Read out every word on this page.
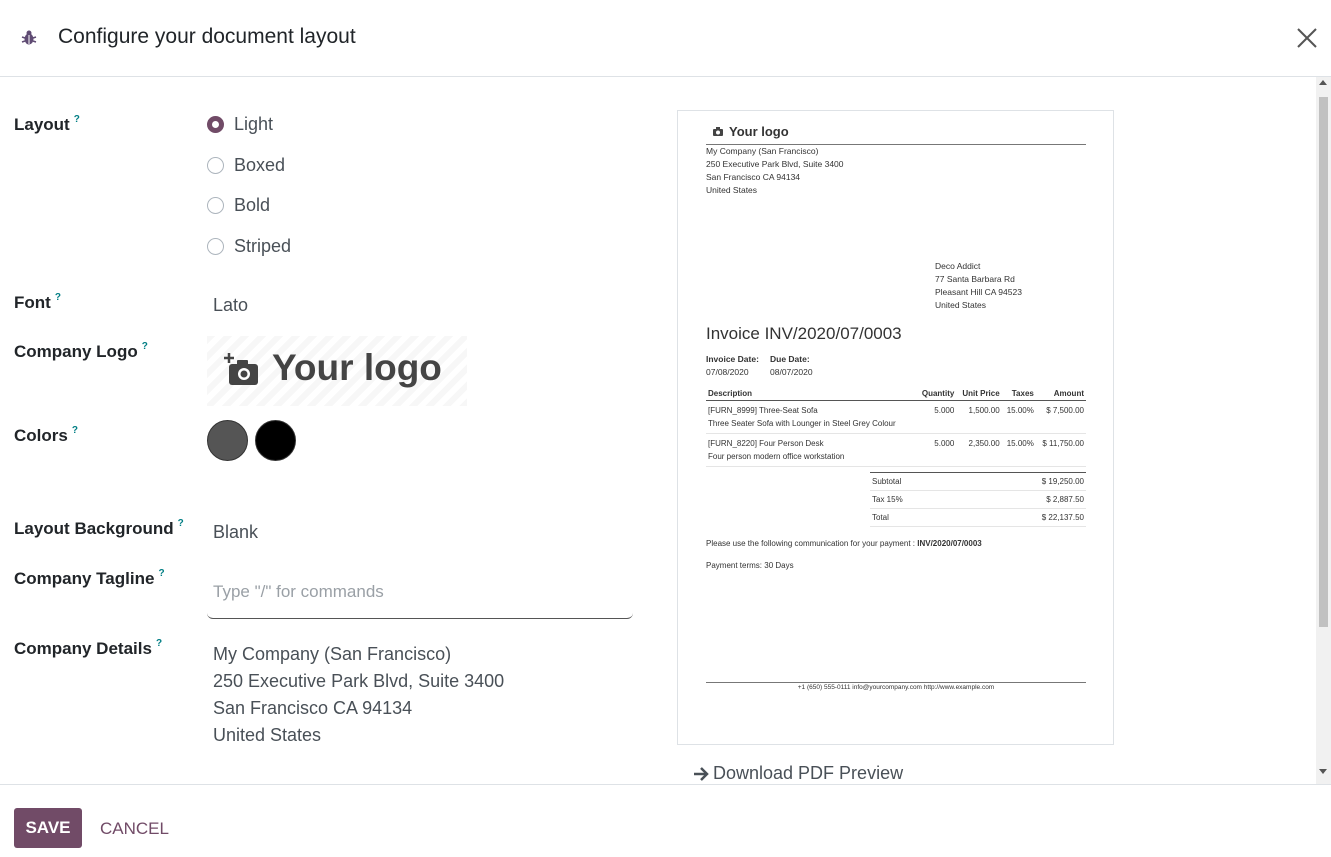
Configure your document layout
Layout ?	Light
Boxed
Bold
Striped
Font ?	Lato
Company Logo ?
Your logo
Colors ?
Layout Background ? Blank
Company Tagline ?
Type "/" for commands
Company Details ?
My Company (San Francisco)
250 Executive Park Blvd, Suite 3400
San Francisco CA 94134
United States
Your logo
My Company (San Francisco)
250 Executive Park Blvd, Suite 3400
San Francisco CA 94134
United States
Deco Addict
77 Santa Barbara Rd
Pleasant Hill CA 94523
United States
Invoice INV/2020/07/0003
Invoice Date:
07/08/2020
Due Date:
08/07/2020
Description	Quantity	Unit Price	Taxes	Amount

[FURN_8999] Three-Seat Sofa
Three Seater Sofa with Lounger in Steel Grey Colour	5.000	1,500.00	15.00%	$ 7,500.00

[FURN_8220] Four Person Desk
Four person modern office workstation	5.000	2,350.00	15.00%	$ 11,750.00
Subtotal	$ 19,250.00
Tax 15%	$ 2,887.50
Total	$ 22,137.50
Please use the following communication for your payment : INV/2020/07/0003
Payment terms: 30 Days
+1 (650) 555-0111 info@yourcompany.com http://www.example.com
Download PDF Preview
SAVE	CANCEL
